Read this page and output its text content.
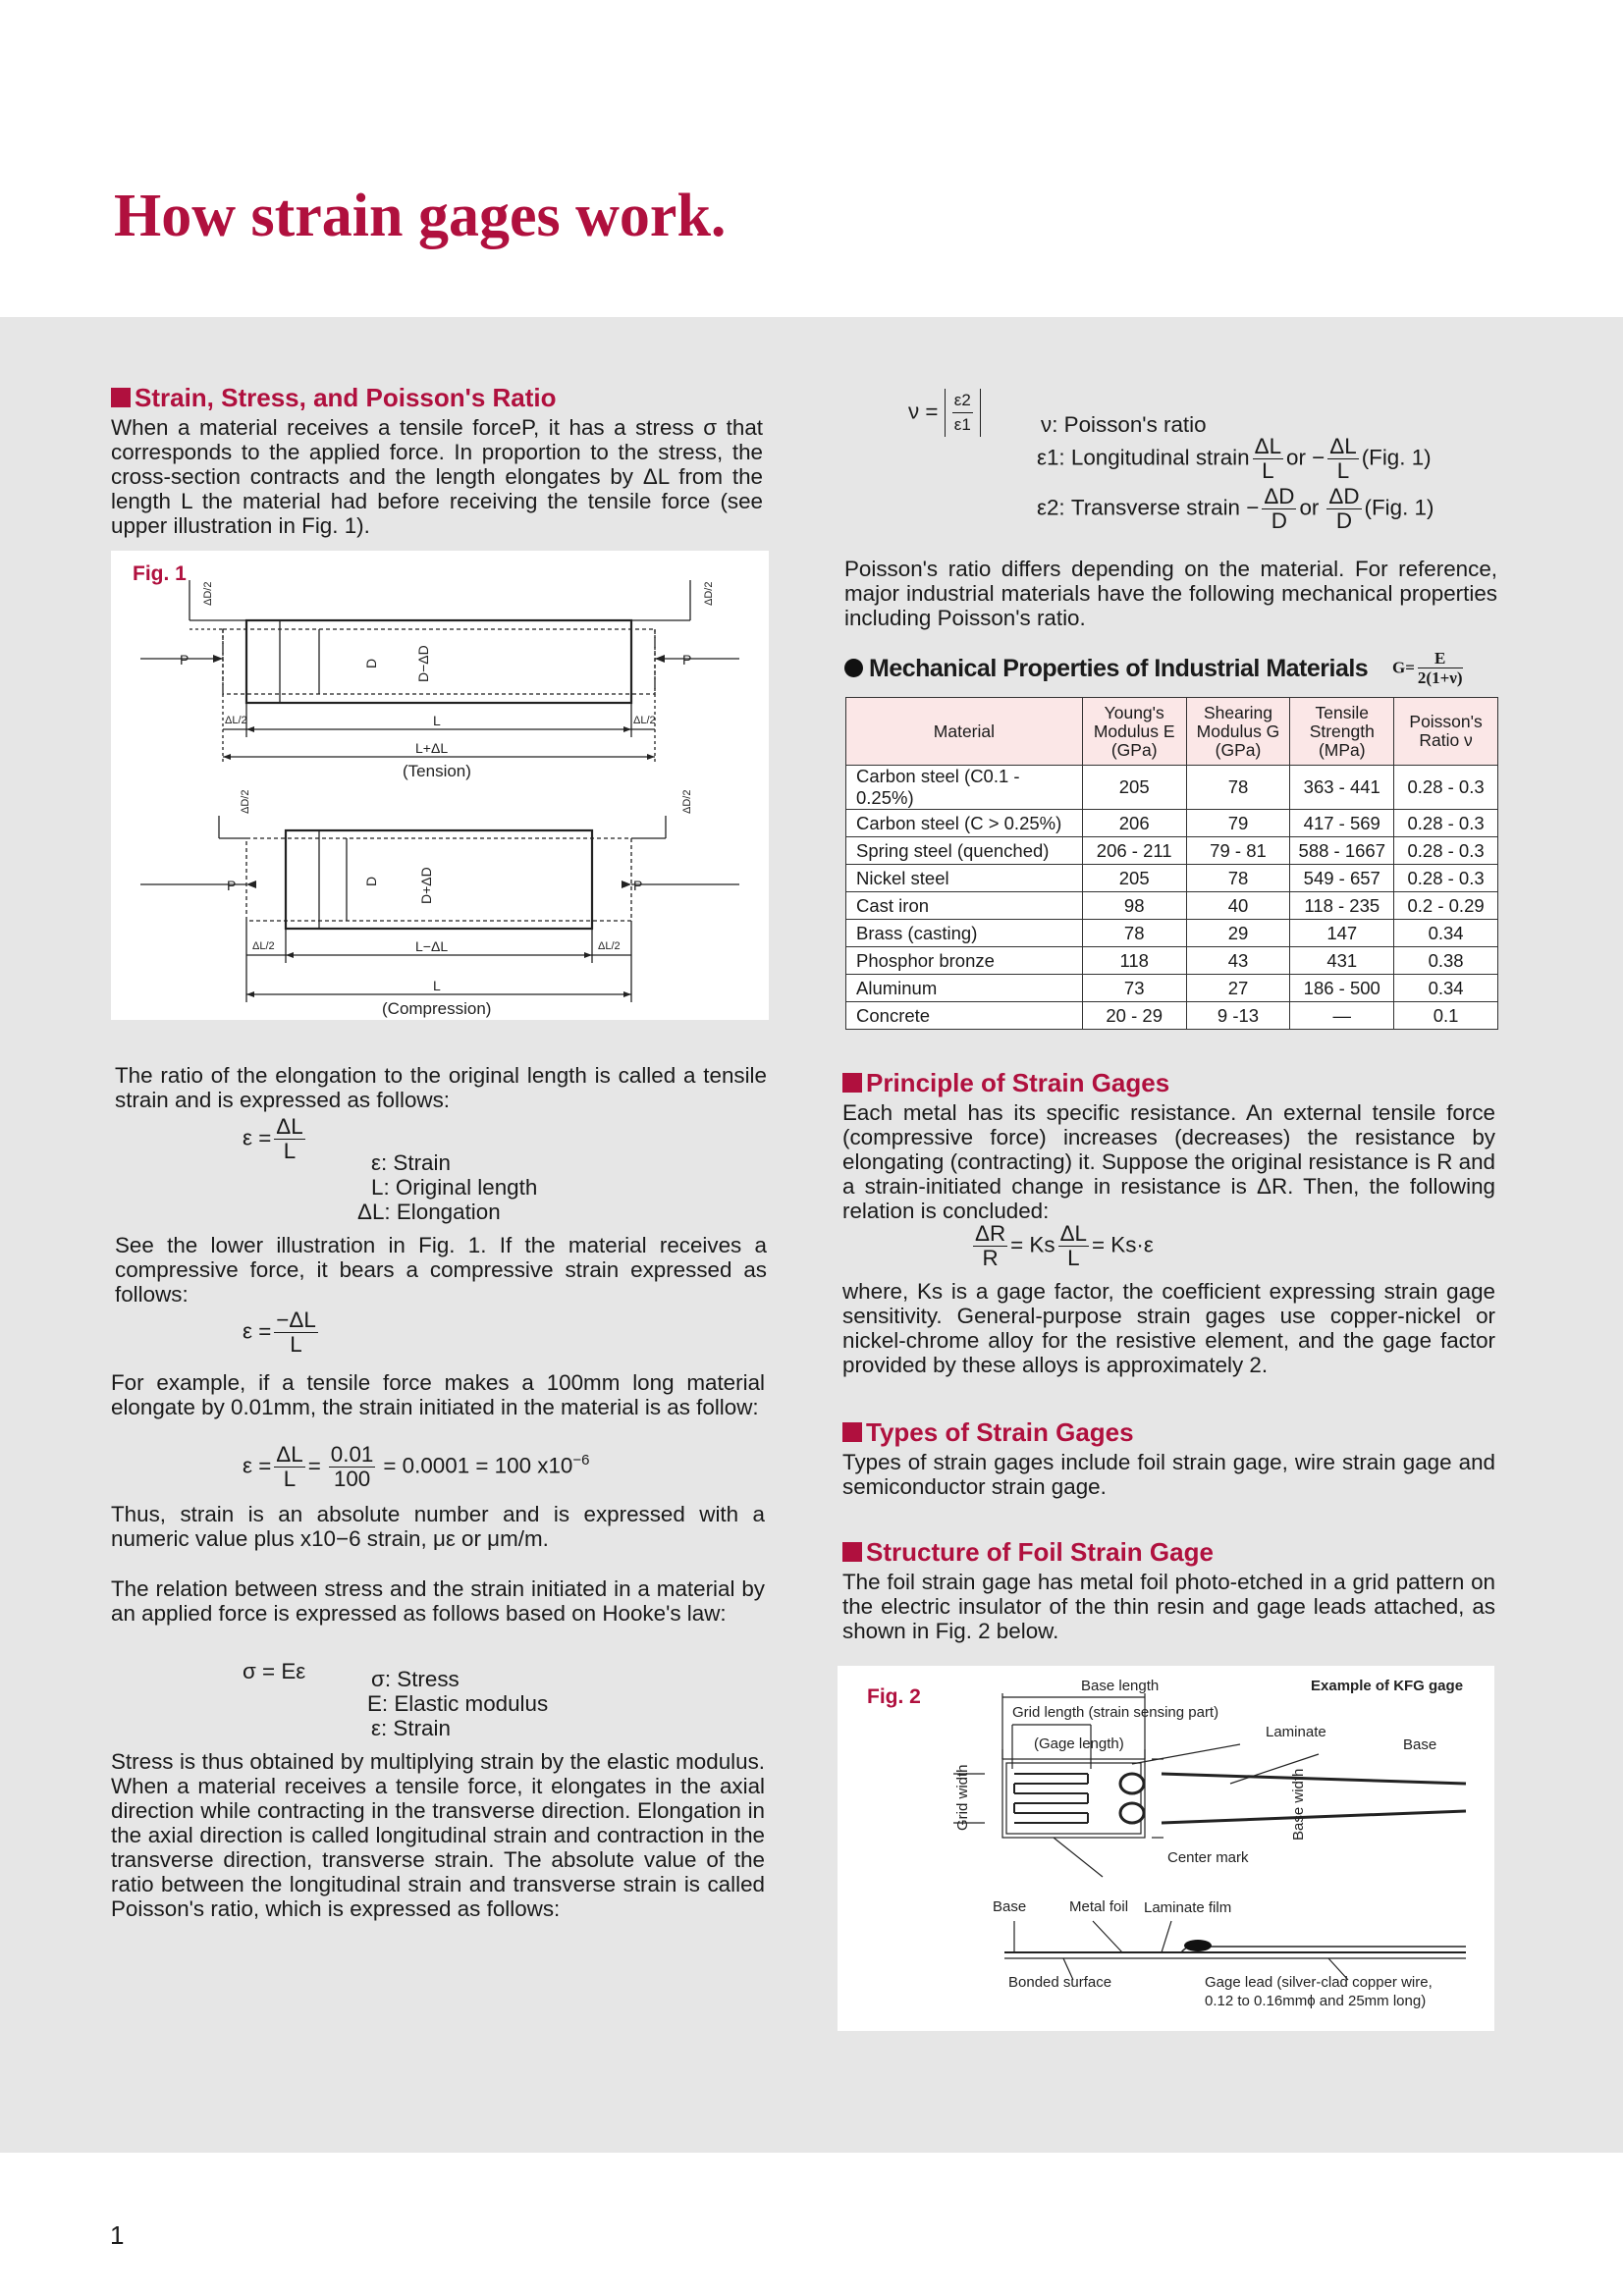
How strain gages work.
Strain, Stress, and Poisson's Ratio

When a material receives a tensile forceP, it has a stress σ that corresponds to the applied force. In proportion to the stress, the cross-section contracts and the length elongates by ΔL from the length L the material had before receiving the tensile force (see upper illustration in Fig. 1).

Fig. 1
P	P
P	P
L
L+ΔL
L−ΔL
L
ΔL/2	ΔL/2
ΔL/2	ΔL/2
D	D−ΔD
D	D+ΔD
ΔD/2	ΔD/2
ΔD/2	ΔD/2
(Tension)
(Compression)

The ratio of the elongation to the original length is called a tensile strain and is expressed as follows:

$\varepsilon = \frac{\Delta L}{L}$	ε: Strain
L: Original length
ΔL: Elongation

See the lower illustration in Fig. 1. If the material receives a compressive force, it bears a compressive strain expressed as follows:

$\varepsilon = \frac{-\Delta L}{L}$

For example, if a tensile force makes a 100mm long material elongate by 0.01mm, the strain initiated in the material is as follow:

$\varepsilon = \frac{\Delta L}{L} = \frac{0.01}{100} = 0.0001 = 100$ $x10^{-6}$

Thus, strain is an absolute number and is expressed with a numeric value plus x10−6 strain, με or μm/m.

The relation between stress and the strain initiated in a material by an applied force is expressed as follows based on Hooke's law:

σ = Eε	σ: Stress
E: Elastic modulus
ε: Strain

Stress is thus obtained by multiplying strain by the elastic modulus. When a material receives a tensile force, it elongates in the axial direction while contracting in the transverse direction. Elongation in the axial direction is called longitudinal strain and contraction in the transverse direction, transverse strain. The absolute value of the ratio between the longitudinal strain and transverse strain is called Poisson's ratio, which is expressed as follows:

$\nu = \frac{\varepsilon 2}{\varepsilon 1}$	ν: Poisson's ratio
ε1: Longitudinal strain $\frac{\Delta L}{L}$ or − $\frac{\Delta L}{L} (Fig$. 1)
ε2: Transverse strain − $\frac{\Delta D}{D}$ or $\frac{\Delta D}{D} (Fig$. 1)

Poisson's ratio differs depending on the material. For reference, major industrial materials have the following mechanical properties including Poisson's ratio.

Mechanical Properties of Industrial Materials $G= \frac{E}{2(1+\nu)}$
Material	Young's Modulus E (GPa)	Shearing Modulus G (GPa)	Tensile Strength (MPa)	Poisson's Ratio ν
Carbon steel (C0.1 - 0.25%)	205	78	363 - 441	0.28 - 0.3
Carbon steel (C > 0.25%)	206	79	417 - 569	0.28 - 0.3
Spring steel (quenched)	206 - 211	79 - 81	588 - 1667	0.28 - 0.3
Nickel steel	205	78	549 - 657	0.28 - 0.3
Cast iron	98	40	118 - 235	0.2 - 0.29
Brass (casting)	78	29	147	0.34
Phosphor bronze	118	43	431	0.38
Aluminum	73	27	186 - 500	0.34
Concrete	20 - 29	9 -13	—	0.1
Principle of Strain Gages

Each metal has its specific resistance. An external tensile force (compressive force) increases (decreases) the resistance by elongating (contracting) it. Suppose the original resistance is R and a strain-initiated change in resistance is ΔR. Then, the following relation is concluded:

$\frac{\Delta R}{R} = Ks \frac{\Delta L}{L} = Ks\cdot\varepsilon$

where, Ks is a gage factor, the coefficient expressing strain gage sensitivity. General-purpose strain gages use copper-nickel or nickel-chrome alloy for the resistive element, and the gage factor provided by these alloys is approximately 2.

Types of Strain Gages

Types of strain gages include foil strain gage, wire strain gage and semiconductor strain gage.

Structure of Foil Strain Gage

The foil strain gage has metal foil photo-etched in a grid pattern on the electric insulator of the thin resin and gage leads attached, as shown in Fig. 2 below.

Fig. 2	Example of KFG gage
Base length
Grid length (strain sensing part)
(Gage length)
Laminate
Base
Grid width	Base width
Center mark
Base	Metal foil Laminate film
Bonded surface	Gage lead (silver-clad copper wire,
0.12 to 0.16mmϕ and 25mm long)
1
